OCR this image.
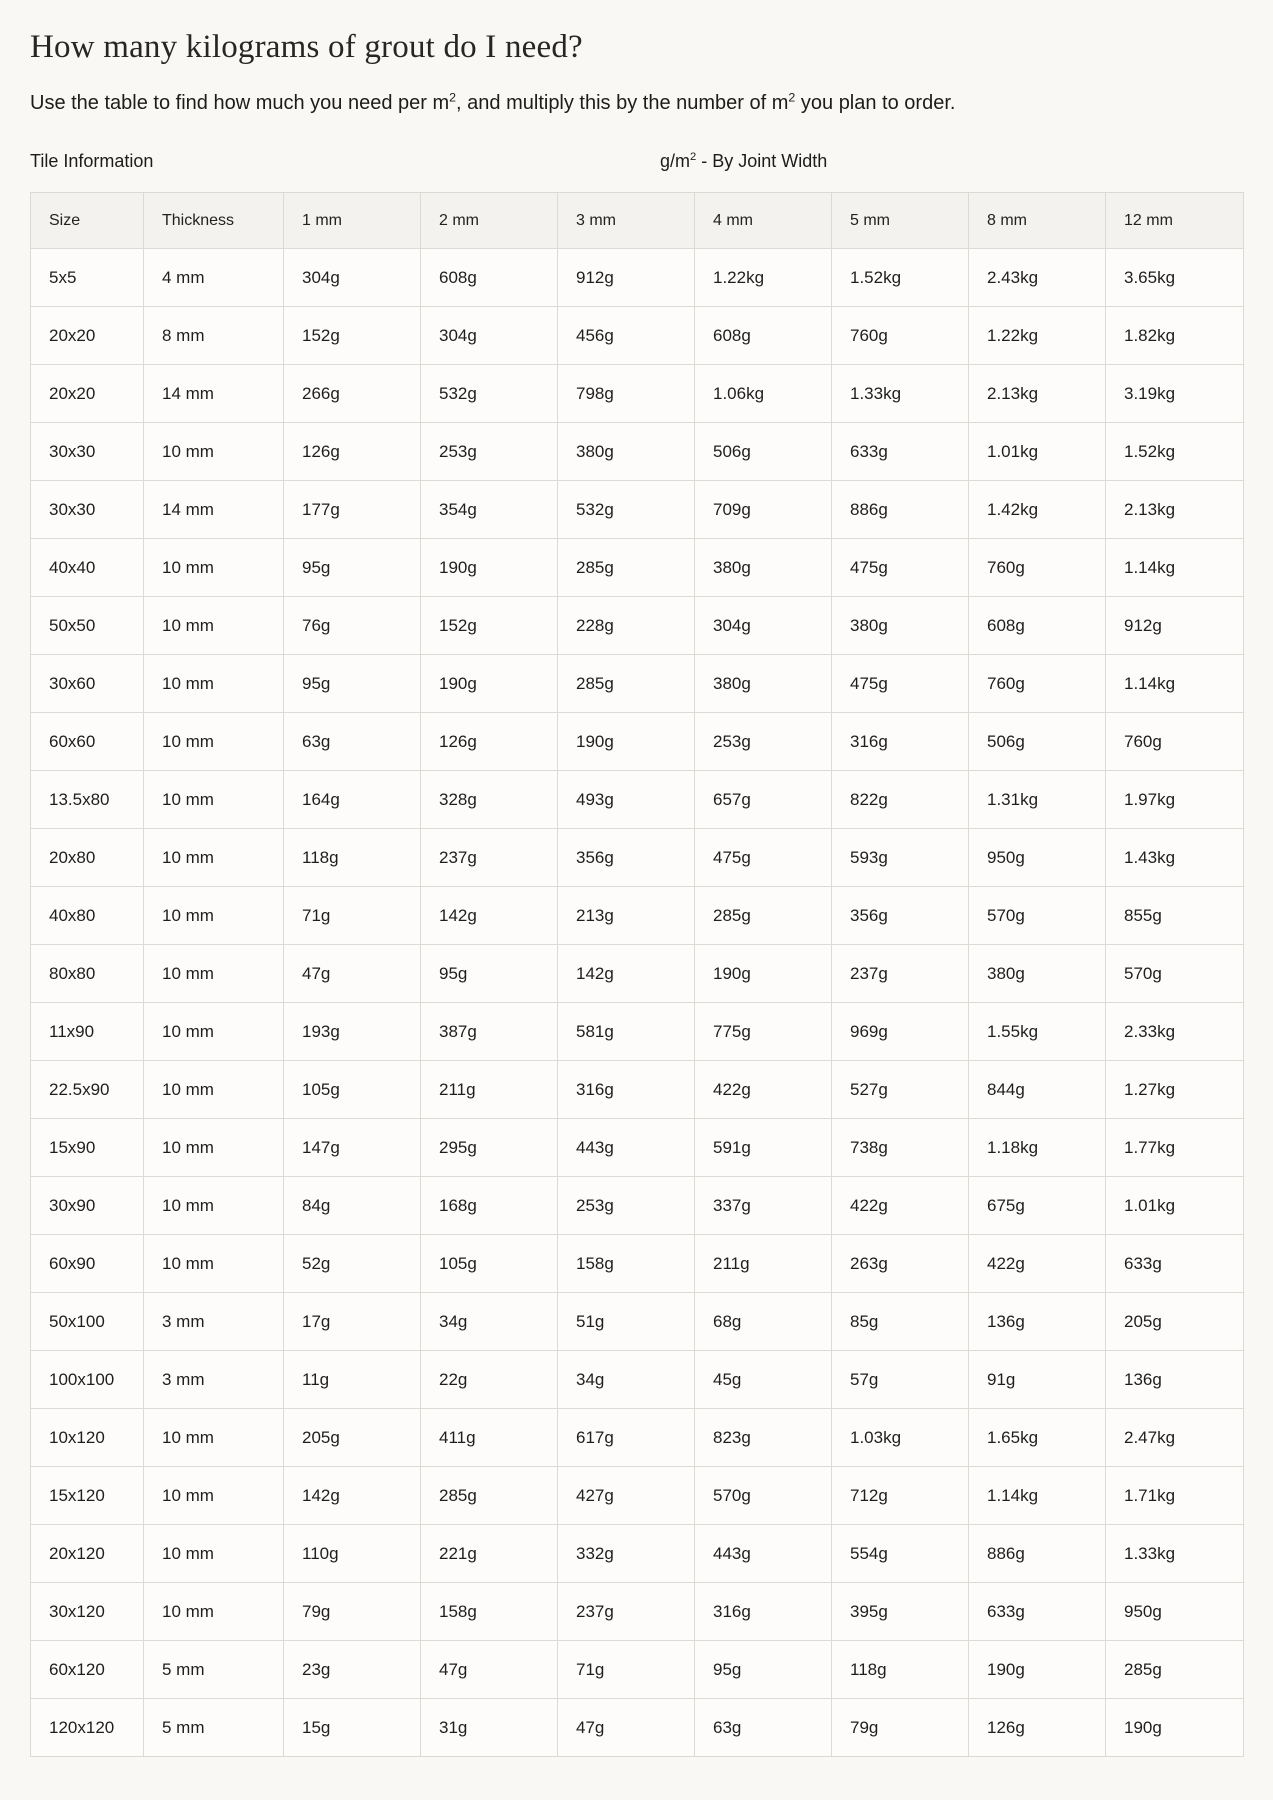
How many kilograms of grout do I need?

Use the table to find how much you need per $m^2$, and multiply this by the number of $m^2$ you plan to order.

Tile Information	$g/m^2$ - By Joint Width
Size	Thickness	1 mm	2 mm	3 mm	4 mm	5 mm	8 mm	12 mm
5x5	4 mm	304g	608g	912g	1.22kg	1.52kg	2.43kg	3.65kg
20x20	8 mm	152g	304g	456g	608g	760g	1.22kg	1.82kg
20x20	14 mm	266g	532g	798g	1.06kg	1.33kg	2.13kg	3.19kg
30x30	10 mm	126g	253g	380g	506g	633g	1.01kg	1.52kg
30x30	14 mm	177g	354g	532g	709g	886g	1.42kg	2.13kg
40x40	10 mm	95g	190g	285g	380g	475g	760g	1.14kg
50x50	10 mm	76g	152g	228g	304g	380g	608g	912g
30x60	10 mm	95g	190g	285g	380g	475g	760g	1.14kg
60x60	10 mm	63g	126g	190g	253g	316g	506g	760g
13.5x80	10 mm	164g	328g	493g	657g	822g	1.31kg	1.97kg
20x80	10 mm	118g	237g	356g	475g	593g	950g	1.43kg
40x80	10 mm	71g	142g	213g	285g	356g	570g	855g
80x80	10 mm	47g	95g	142g	190g	237g	380g	570g
11x90	10 mm	193g	387g	581g	775g	969g	1.55kg	2.33kg
22.5x90	10 mm	105g	211g	316g	422g	527g	844g	1.27kg
15x90	10 mm	147g	295g	443g	591g	738g	1.18kg	1.77kg
30x90	10 mm	84g	168g	253g	337g	422g	675g	1.01kg
60x90	10 mm	52g	105g	158g	211g	263g	422g	633g
50x100	3 mm	17g	34g	51g	68g	85g	136g	205g
100x100	3 mm	11g	22g	34g	45g	57g	91g	136g
10x120	10 mm	205g	411g	617g	823g	1.03kg	1.65kg	2.47kg
15x120	10 mm	142g	285g	427g	570g	712g	1.14kg	1.71kg
20x120	10 mm	110g	221g	332g	443g	554g	886g	1.33kg
30x120	10 mm	79g	158g	237g	316g	395g	633g	950g
60x120	5 mm	23g	47g	71g	95g	118g	190g	285g
120x120	5 mm	15g	31g	47g	63g	79g	126g	190g
